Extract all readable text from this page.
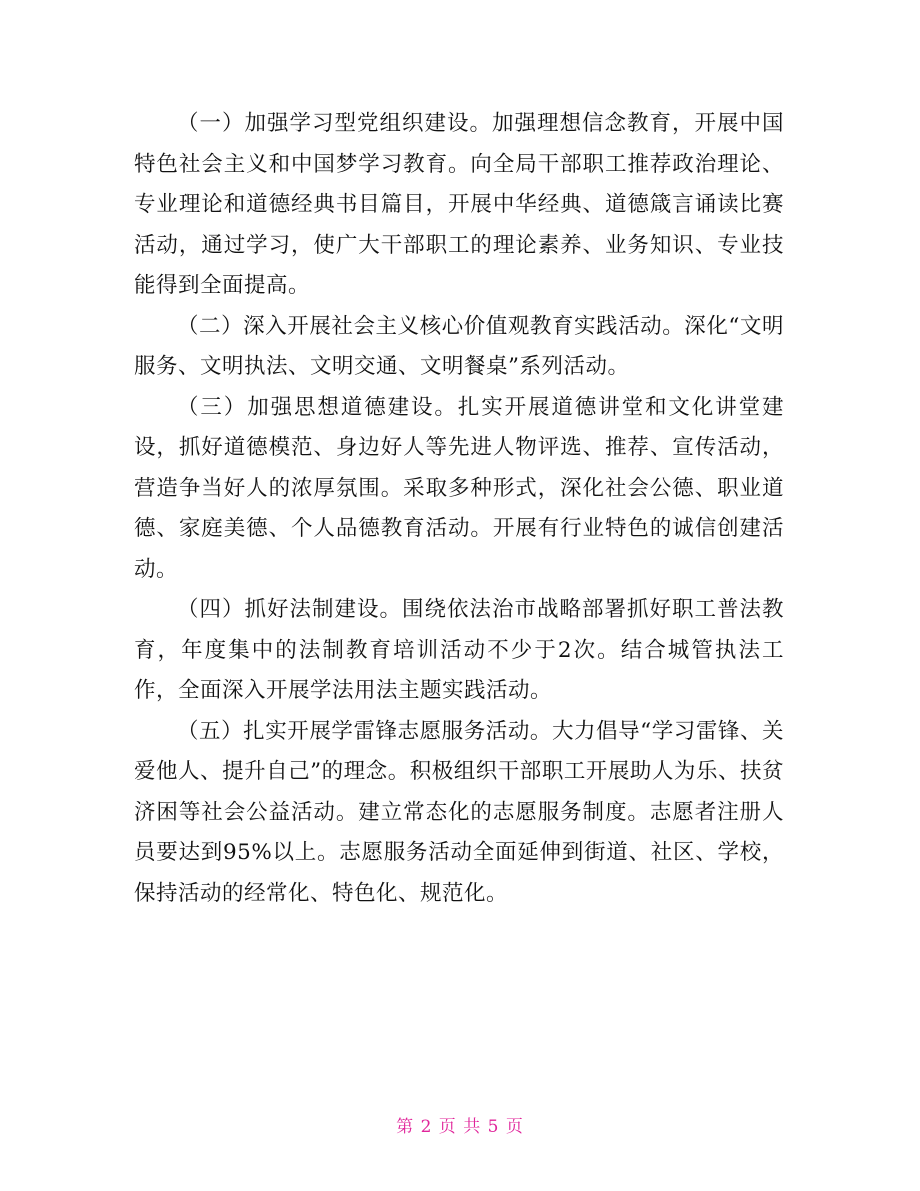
（一）加强学习型党组织建设。加强理想信念教育，开展中国特色社会主义和中国梦学习教育。向全局干部职工推荐政治理论、专业理论和道德经典书目篇目，开展中华经典、道德箴言诵读比赛活动，通过学习，使广大干部职工的理论素养、业务知识、专业技能得到全面提高。

（二）深入开展社会主义核心价值观教育实践活动。深化“文明服务、文明执法、文明交通、文明餐桌”系列活动。

（三）加强思想道德建设。扎实开展道德讲堂和文化讲堂建设，抓好道德模范、身边好人等先进人物评选、推荐、宣传活动，营造争当好人的浓厚氛围。采取多种形式，深化社会公德、职业道德、家庭美德、个人品德教育活动。开展有行业特色的诚信创建活动。

（四）抓好法制建设。围绕依法治市战略部署抓好职工普法教育，年度集中的法制教育培训活动不少于2次。结合城管执法工作，全面深入开展学法用法主题实践活动。

（五）扎实开展学雷锋志愿服务活动。大力倡导“学习雷锋、关爱他人、提升自己”的理念。积极组织干部职工开展助人为乐、扶贫济困等社会公益活动。建立常态化的志愿服务制度。志愿者注册人员要达到95%以上。志愿服务活动全面延伸到街道、社区、学校，保持活动的经常化、特色化、规范化。

第 2 页 共 5 页
